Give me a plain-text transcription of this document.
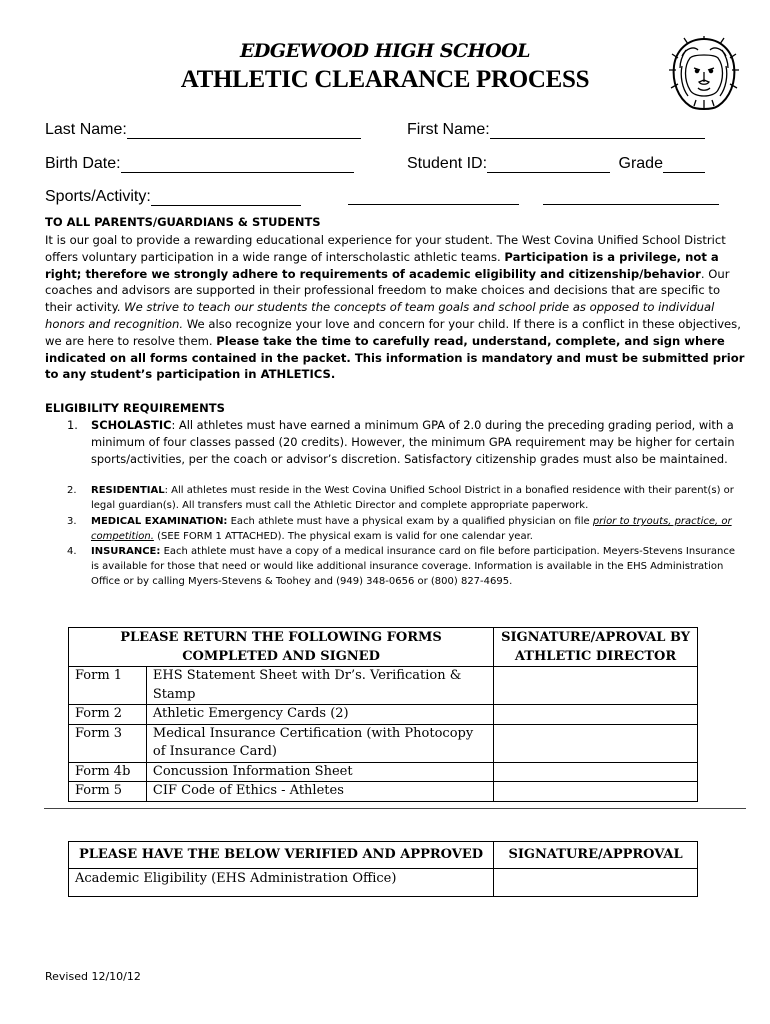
EDGEWOOD HIGH SCHOOL
ATHLETIC CLEARANCE PROCESS
Last Name:	First Name:
Birth Date:	Student ID:	Grade
Sports/Activity:
TO ALL PARENTS/GUARDIANS & STUDENTS
It is our goal to provide a rewarding educational experience for your student. The West Covina Unified School District offers voluntary participation in a wide range of interscholastic athletic teams. Participation is a privilege, not a right; therefore we strongly adhere to requirements of academic eligibility and citizenship/behavior. Our coaches and advisors are supported in their professional freedom to make choices and decisions that are specific to their activity. We strive to teach our students the concepts of team goals and school pride as opposed to individual honors and recognition. We also recognize your love and concern for your child. If there is a conflict in these objectives, we are here to resolve them. Please take the time to carefully read, understand, complete, and sign where indicated on all forms contained in the packet. This information is mandatory and must be submitted prior to any student’s participation in ATHLETICS.
ELIGIBILITY REQUIREMENTS
1. SCHOLASTIC: All athletes must have earned a minimum GPA of 2.0 during the preceding grading period, with a minimum of four classes passed (20 credits). However, the minimum GPA requirement may be higher for certain sports/activities, per the coach or advisor’s discretion. Satisfactory citizenship grades must also be maintained.
2. RESIDENTIAL: All athletes must reside in the West Covina Unified School District in a bonafied residence with their parent(s) or legal guardian(s). All transfers must call the Athletic Director and complete appropriate paperwork.
3. MEDICAL EXAMINATION: Each athlete must have a physical exam by a qualified physician on file prior to tryouts, practice, or competition. (SEE FORM 1 ATTACHED). The physical exam is valid for one calendar year.
4. INSURANCE: Each athlete must have a copy of a medical insurance card on file before participation. Meyers-Stevens Insurance is available for those that need or would like additional insurance coverage. Information is available in the EHS Administration Office or by calling Myers-Stevens & Toohey and (949) 348-0656 or (800) 827-4695.
PLEASE RETURN THE FOLLOWING FORMS COMPLETED AND SIGNED		SIGNATURE/APROVAL BY ATHLETIC DIRECTOR
Form 1	EHS Statement Sheet with Dr’s. Verification & Stamp	
Form 2	Athletic Emergency Cards (2)	
Form 3	Medical Insurance Certification (with Photocopy of Insurance Card)	
Form 4b	Concussion Information Sheet	
Form 5	CIF Code of Ethics - Athletes	
PLEASE HAVE THE BELOW VERIFIED AND APPROVED	SIGNATURE/APPROVAL
Academic Eligibility (EHS Administration Office)	
Revised 12/10/12
